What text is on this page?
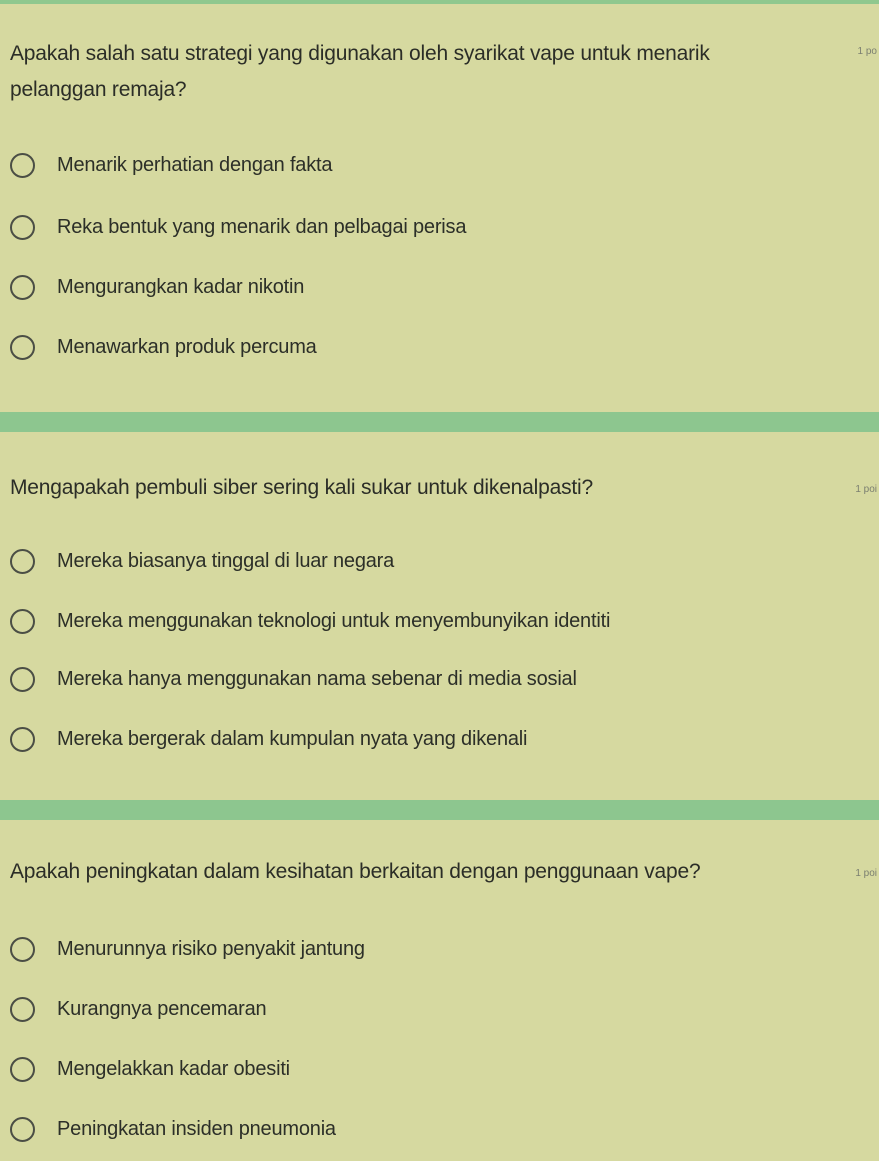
Apakah salah satu strategi yang digunakan oleh syarikat vape untuk menarik pelanggan remaja?
1 po
Menarik perhatian dengan fakta
Reka bentuk yang menarik dan pelbagai perisa
Mengurangkan kadar nikotin
Menawarkan produk percuma
Mengapakah pembuli siber sering kali sukar untuk dikenalpasti?	1 poi
Mereka biasanya tinggal di luar negara
Mereka menggunakan teknologi untuk menyembunyikan identiti
Mereka hanya menggunakan nama sebenar di media sosial
Mereka bergerak dalam kumpulan nyata yang dikenali
Apakah peningkatan dalam kesihatan berkaitan dengan penggunaan vape?	1 poi
Menurunnya risiko penyakit jantung
Kurangnya pencemaran
Mengelakkan kadar obesiti
Peningkatan insiden pneumonia
